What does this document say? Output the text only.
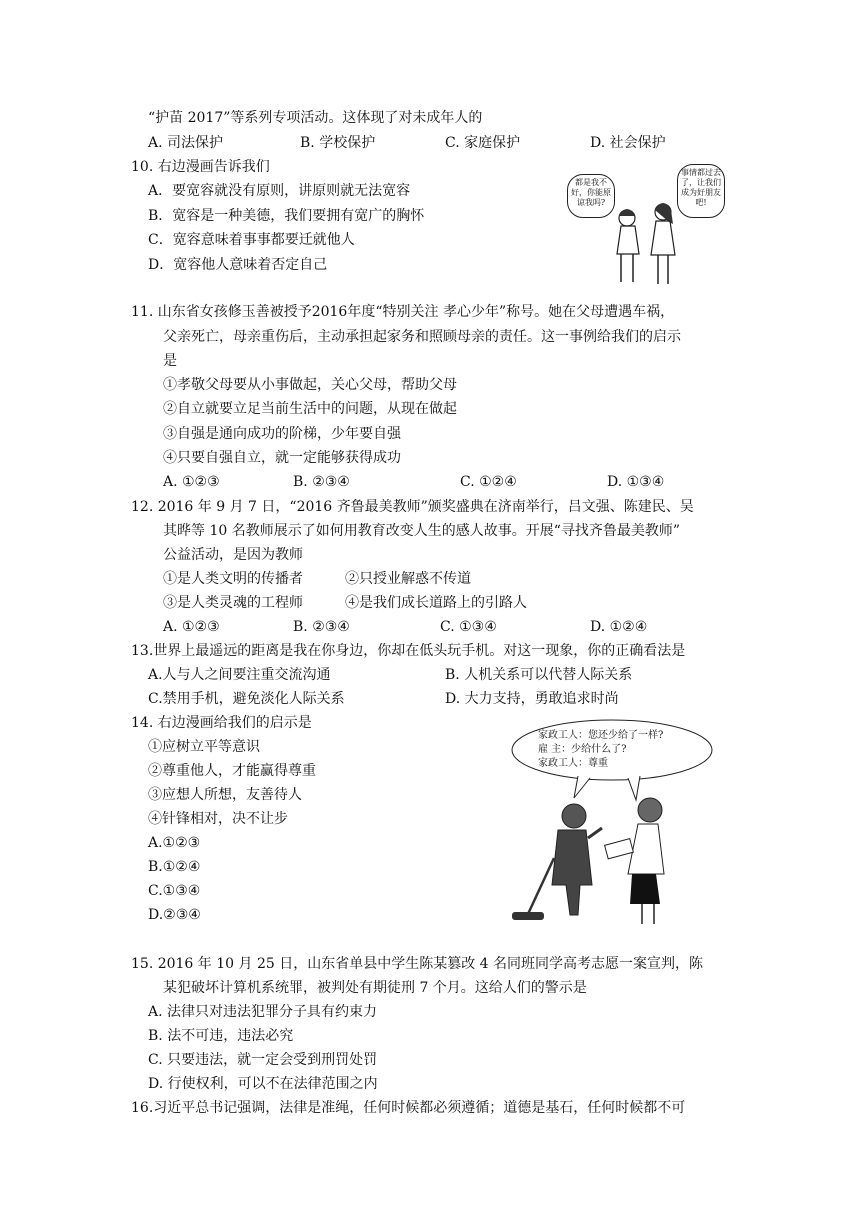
“护苗 2017”等系列专项活动。这体现了对未成年人的
A. 司法保护	B. 学校保护	C. 家庭保护	D. 社会保护
10. 右边漫画告诉我们
A．要宽容就没有原则，讲原则就无法宽容
B．宽容是一种美德，我们要拥有宽广的胸怀
C．宽容意味着事事都要迁就他人
D．宽容他人意味着否定自己
都是我不好，你能原谅我吗?
事情都过去了，让我们成为好朋友吧!
11. 山东省女孩修玉善被授予2016年度“特别关注 孝心少年”称号。她在父母遭遇车祸，
父亲死亡，母亲重伤后，主动承担起家务和照顾母亲的责任。这一事例给我们的启示
是
①孝敬父母要从小事做起，关心父母，帮助父母
②自立就要立足当前生活中的问题，从现在做起
③自强是通向成功的阶梯，少年要自强
④只要自强自立，就一定能够获得成功
A. ①②③	B. ②③④	C. ①②④	D. ①③④
12. 2016 年 9 月 7 日，“2016 齐鲁最美教师”颁奖盛典在济南举行，吕文强、陈建民、吴
其晔等 10 名教师展示了如何用教育改变人生的感人故事。开展“寻找齐鲁最美教师”
公益活动，是因为教师
①是人类文明的传播者	②只授业解惑不传道
③是人类灵魂的工程师	④是我们成长道路上的引路人
A. ①②③	B. ②③④	C. ①③④	D. ①②④
13.世界上最遥远的距离是我在你身边，你却在低头玩手机。对这一现象，你的正确看法是
A.人与人之间要注重交流沟通	B. 人机关系可以代替人际关系
C.禁用手机，避免淡化人际关系	D. 大力支持，勇敢追求时尚
14. 右边漫画给我们的启示是
①应树立平等意识
②尊重他人，才能赢得尊重
③应想人所想，友善待人
④针锋相对，决不让步
A.①②③
B.①②④
C.①③④
D.②③④
家政工人：您还少给了一样?
雇 主：少给什么了?
家政工人：尊重
15. 2016 年 10 月 25 日，山东省单县中学生陈某篡改 4 名同班同学高考志愿一案宣判，陈
某犯破坏计算机系统罪，被判处有期徒刑 7 个月。这给人们的警示是
A. 法律只对违法犯罪分子具有约束力
B. 法不可违，违法必究
C. 只要违法，就一定会受到刑罚处罚
D. 行使权利，可以不在法律范围之内
16.习近平总书记强调，法律是准绳，任何时候都必须遵循；道德是基石，任何时候都不可
